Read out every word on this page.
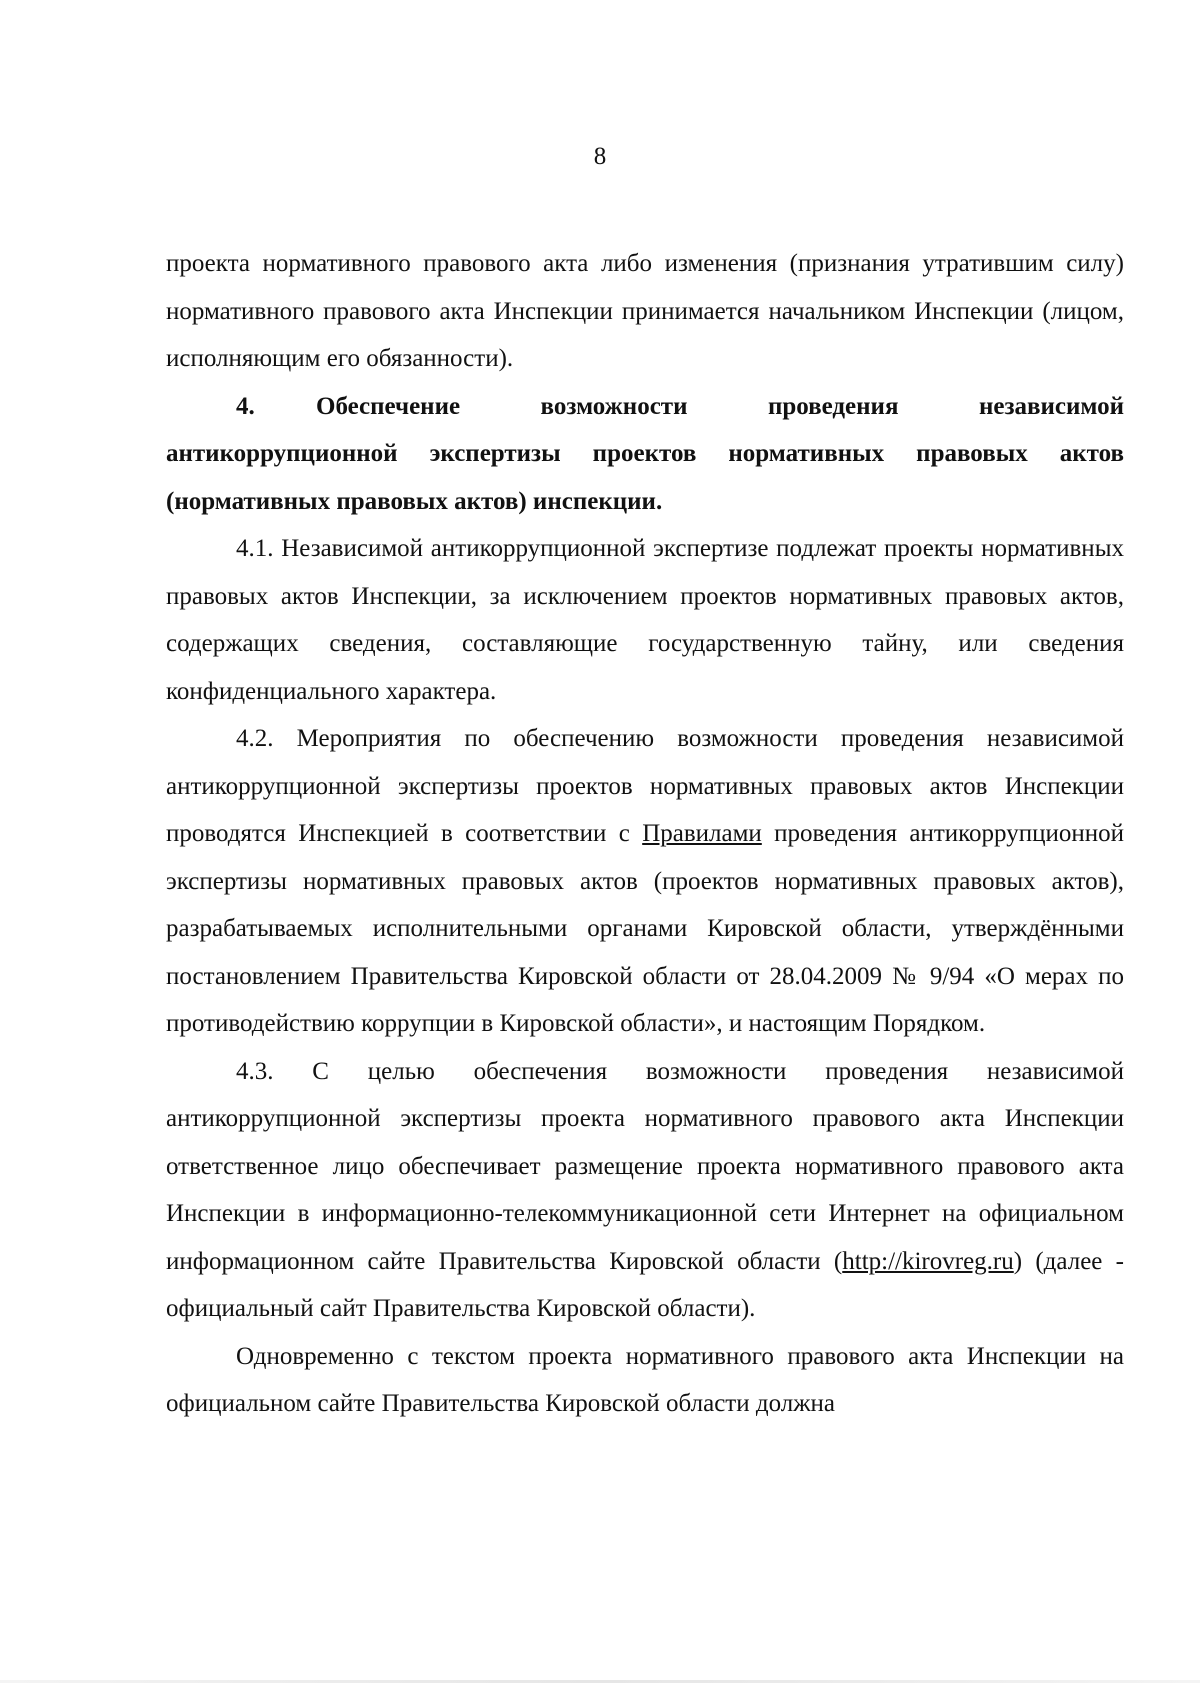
8

проекта нормативного правового акта либо изменения (признания утратившим силу) нормативного правового акта Инспекции принимается начальником Инспекции (лицом, исполняющим его обязанности).

4. Обеспечение возможности проведения независимой антикоррупционной экспертизы проектов нормативных правовых актов (нормативных правовых актов) инспекции.

4.1. Независимой антикоррупционной экспертизе подлежат проекты нормативных правовых актов Инспекции, за исключением проектов нормативных правовых актов, содержащих сведения, составляющие государственную тайну, или сведения конфиденциального характера.

4.2. Мероприятия по обеспечению возможности проведения независимой антикоррупционной экспертизы проектов нормативных правовых актов Инспекции проводятся Инспекцией в соответствии с Правилами проведения антикоррупционной экспертизы нормативных правовых актов (проектов нормативных правовых актов), разрабатываемых исполнительными органами Кировской области, утверждёнными постановлением Правительства Кировской области от 28.04.2009 № 9/94 «О мерах по противодействию коррупции в Кировской области», и настоящим Порядком.

4.3. С целью обеспечения возможности проведения независимой антикоррупционной экспертизы проекта нормативного правового акта Инспекции ответственное лицо обеспечивает размещение проекта нормативного правового акта Инспекции в информационно-телекоммуникационной сети Интернет на официальном информационном сайте Правительства Кировской области (http://kirovreg.ru) (далее - официальный сайт Правительства Кировской области).

Одновременно с текстом проекта нормативного правового акта Инспекции на официальном сайте Правительства Кировской области должна
